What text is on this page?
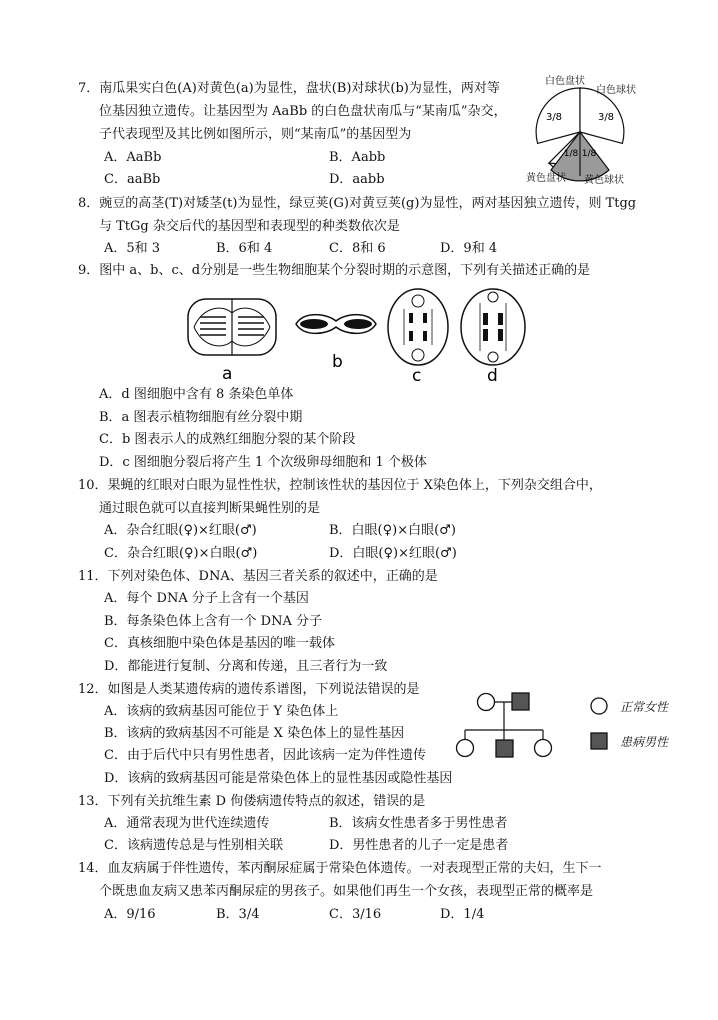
7．南瓜果实白色(A)对黄色(a)为显性，盘状(B)对球状(b)为显性，两对等
位基因独立遗传。让基因型为 AaBb 的白色盘状南瓜与“某南瓜”杂交，
子代表现型及其比例如图所示，则“某南瓜”的基因型为
A．AaBb	B．Aabb
C．aaBb	D．aabb
3/8	3/8
1/8 1/8
白色盘状
白色球状
黄色盘状 黄色球状
8．豌豆的高茎(T)对矮茎(t)为显性，绿豆荚(G)对黄豆荚(g)为显性，两对基因独立遗传，则 Ttgg
与 TtGg 杂交后代的基因型和表现型的种类数依次是
A．5和 3	B．6和 4	C．8和 6	D．9和 4
9．图中 a、b、c、d分别是一些生物细胞某个分裂时期的示意图，下列有关描述正确的是
a
b
c	d
A．d 图细胞中含有 8 条染色单体
B．a 图表示植物细胞有丝分裂中期
C．b 图表示人的成熟红细胞分裂的某个阶段
D．c 图细胞分裂后将产生 1 个次级卵母细胞和 1 个极体
10．果蝇的红眼对白眼为显性性状，控制该性状的基因位于 X染色体上，下列杂交组合中，
通过眼色就可以直接判断果蝇性别的是
A．杂合红眼(♀)×红眼(♂)	B．白眼(♀)×白眼(♂)
C．杂合红眼(♀)×白眼(♂)	D．白眼(♀)×红眼(♂)
11．下列对染色体、DNA、基因三者关系的叙述中，正确的是
A．每个 DNA 分子上含有一个基因
B．每条染色体上含有一个 DNA 分子
C．真核细胞中染色体是基因的唯一载体
D．都能进行复制、分离和传递，且三者行为一致
12．如图是人类某遗传病的遗传系谱图，下列说法错误的是
A．该病的致病基因可能位于 Y 染色体上
B．该病的致病基因不可能是 X 染色体上的显性基因
C．由于后代中只有男性患者，因此该病一定为伴性遗传
D．该病的致病基因可能是常染色体上的显性基因或隐性基因
正常女性
患病男性
13．下列有关抗维生素 D 佝偻病遗传特点的叙述，错误的是
A．通常表现为世代连续遗传	B．该病女性患者多于男性患者
C．该病遗传总是与性别相关联	D．男性患者的儿子一定是患者
14．血友病属于伴性遗传，苯丙酮尿症属于常染色体遗传。一对表现型正常的夫妇，生下一
个既患血友病又患苯丙酮尿症的男孩子。如果他们再生一个女孩，表现型正常的概率是
A．9/16	B．3/4	C．3/16	D．1/4
